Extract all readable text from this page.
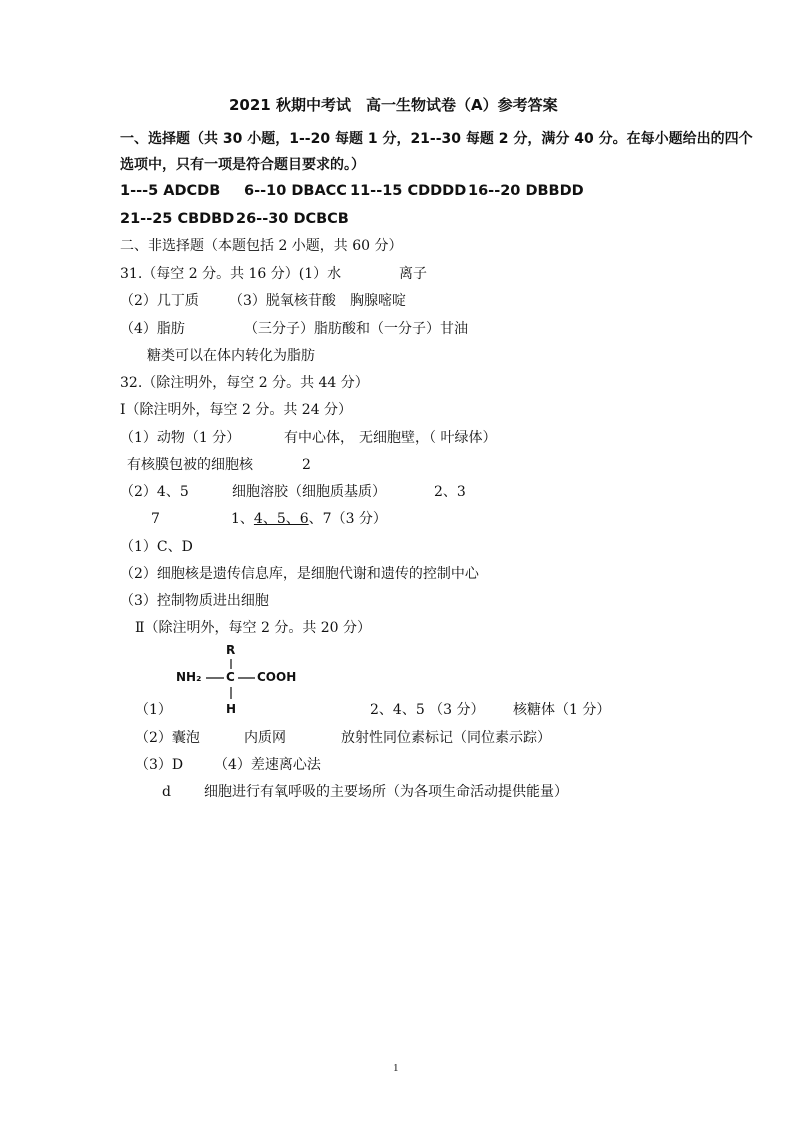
2021 秋期中考试　高一生物试卷（A）参考答案
一、选择题（共 30 小题，1--20 每题 1 分，21--30 每题 2 分，满分 40 分。在每小题给出的四个
选项中，只有一项是符合题目要求的。）
1---5 ADCDB 6--10 DBACC 11--15 CDDDD 16--20 DBBDD
21--25 CBDBD 26--30 DCBCB
二、非选择题（本题包括 2 小题，共 60 分）
31.（每空 2 分。共 16 分）(1）水	离子
（2）几丁质 （3）脱氧核苷酸 胸腺嘧啶
（4）脂肪	（三分子）脂肪酸和（一分子）甘油
糖类可以在体内转化为脂肪
32.（除注明外，每空 2 分。共 44 分）
Ⅰ（除注明外，每空 2 分。共 24 分）
（1）动物（1 分）	有中心体， 无细胞壁，（ 叶绿体）
有核膜包被的细胞核	2
（2）4、5	细胞溶胶（细胞质基质）	2、3
7	1、4、5、6、7（3 分）
（1）C、D
（2）细胞核是遗传信息库，是细胞代谢和遗传的控制中心
（3）控制物质进出细胞
Ⅱ（除注明外，每空 2 分。共 20 分）
R
NH₂ C COOH
H
（1）	2、4、5 （3 分） 核糖体（1 分）
（2）囊泡	内质网	放射性同位素标记（同位素示踪）
（3）D （4）差速离心法
d 细胞进行有氧呼吸的主要场所（为各项生命活动提供能量）
1
